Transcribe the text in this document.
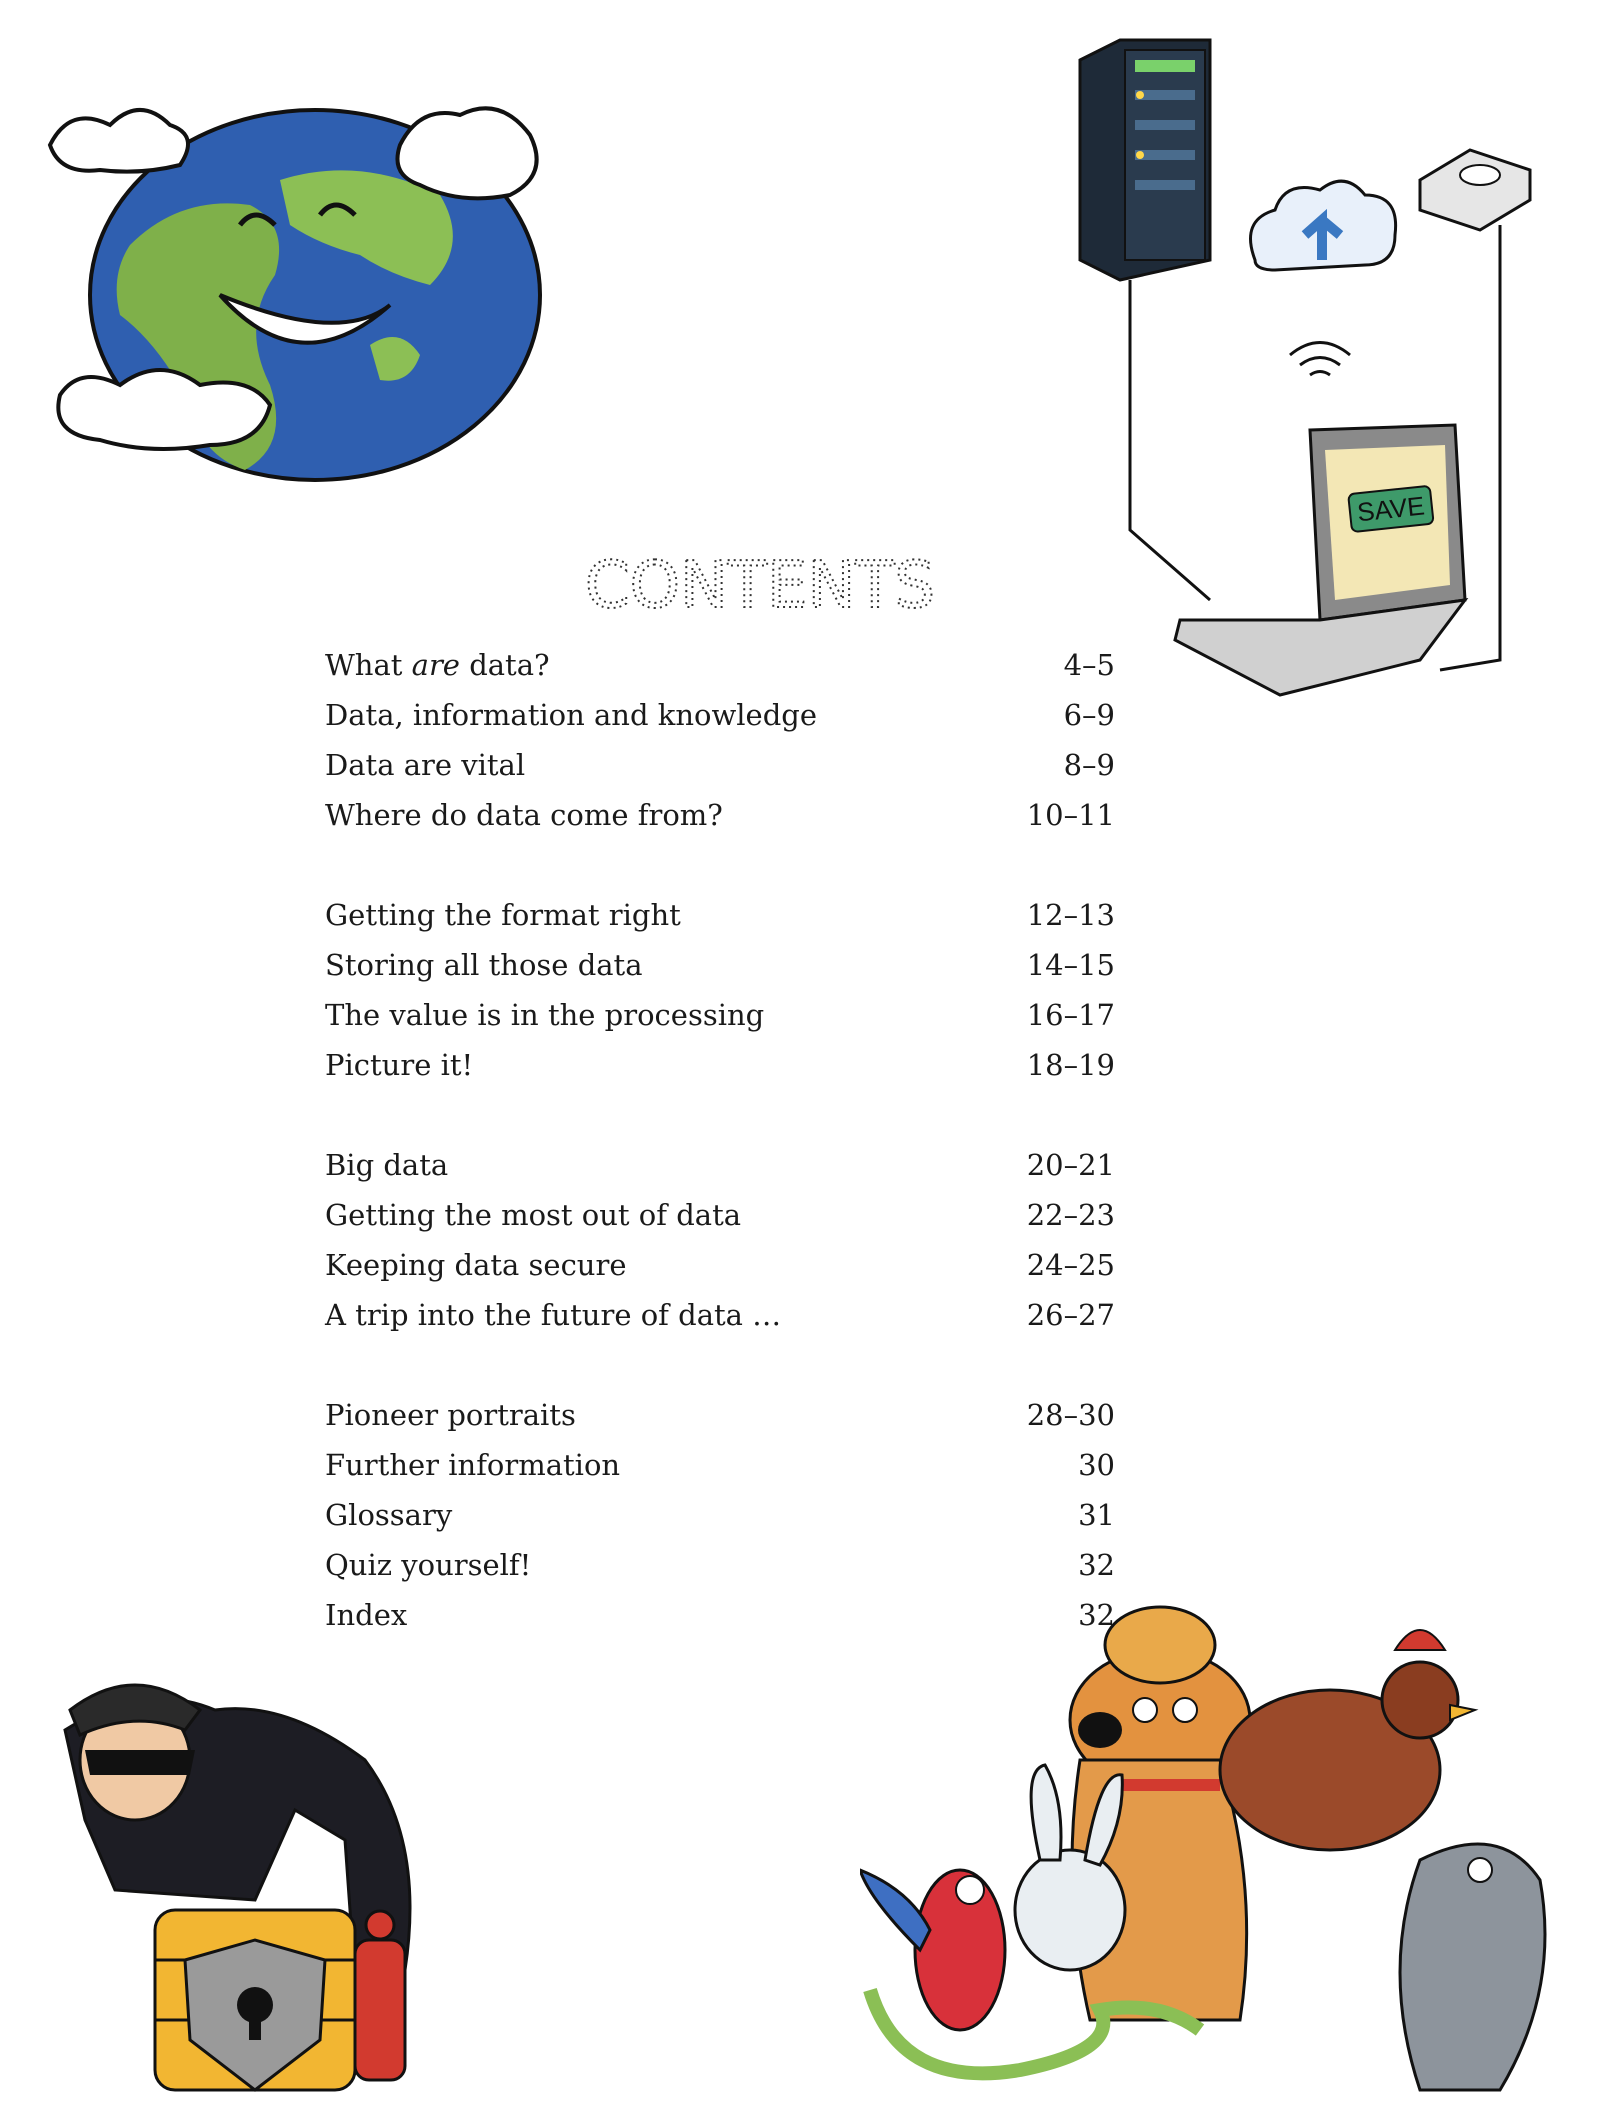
SAVE
CONTENTS
What are data?	4–5
Data, information and knowledge	6–9
Data are vital	8–9
Where do data come from?	10–11
Getting the format right	12–13
Storing all those data	14–15
The value is in the processing	16–17
Picture it!	18–19
Big data	20–21
Getting the most out of data	22–23
Keeping data secure	24–25
A trip into the future of data …	26–27
Pioneer portraits	28–30
Further information	30
Glossary	31
Quiz yourself!	32
Index	32
